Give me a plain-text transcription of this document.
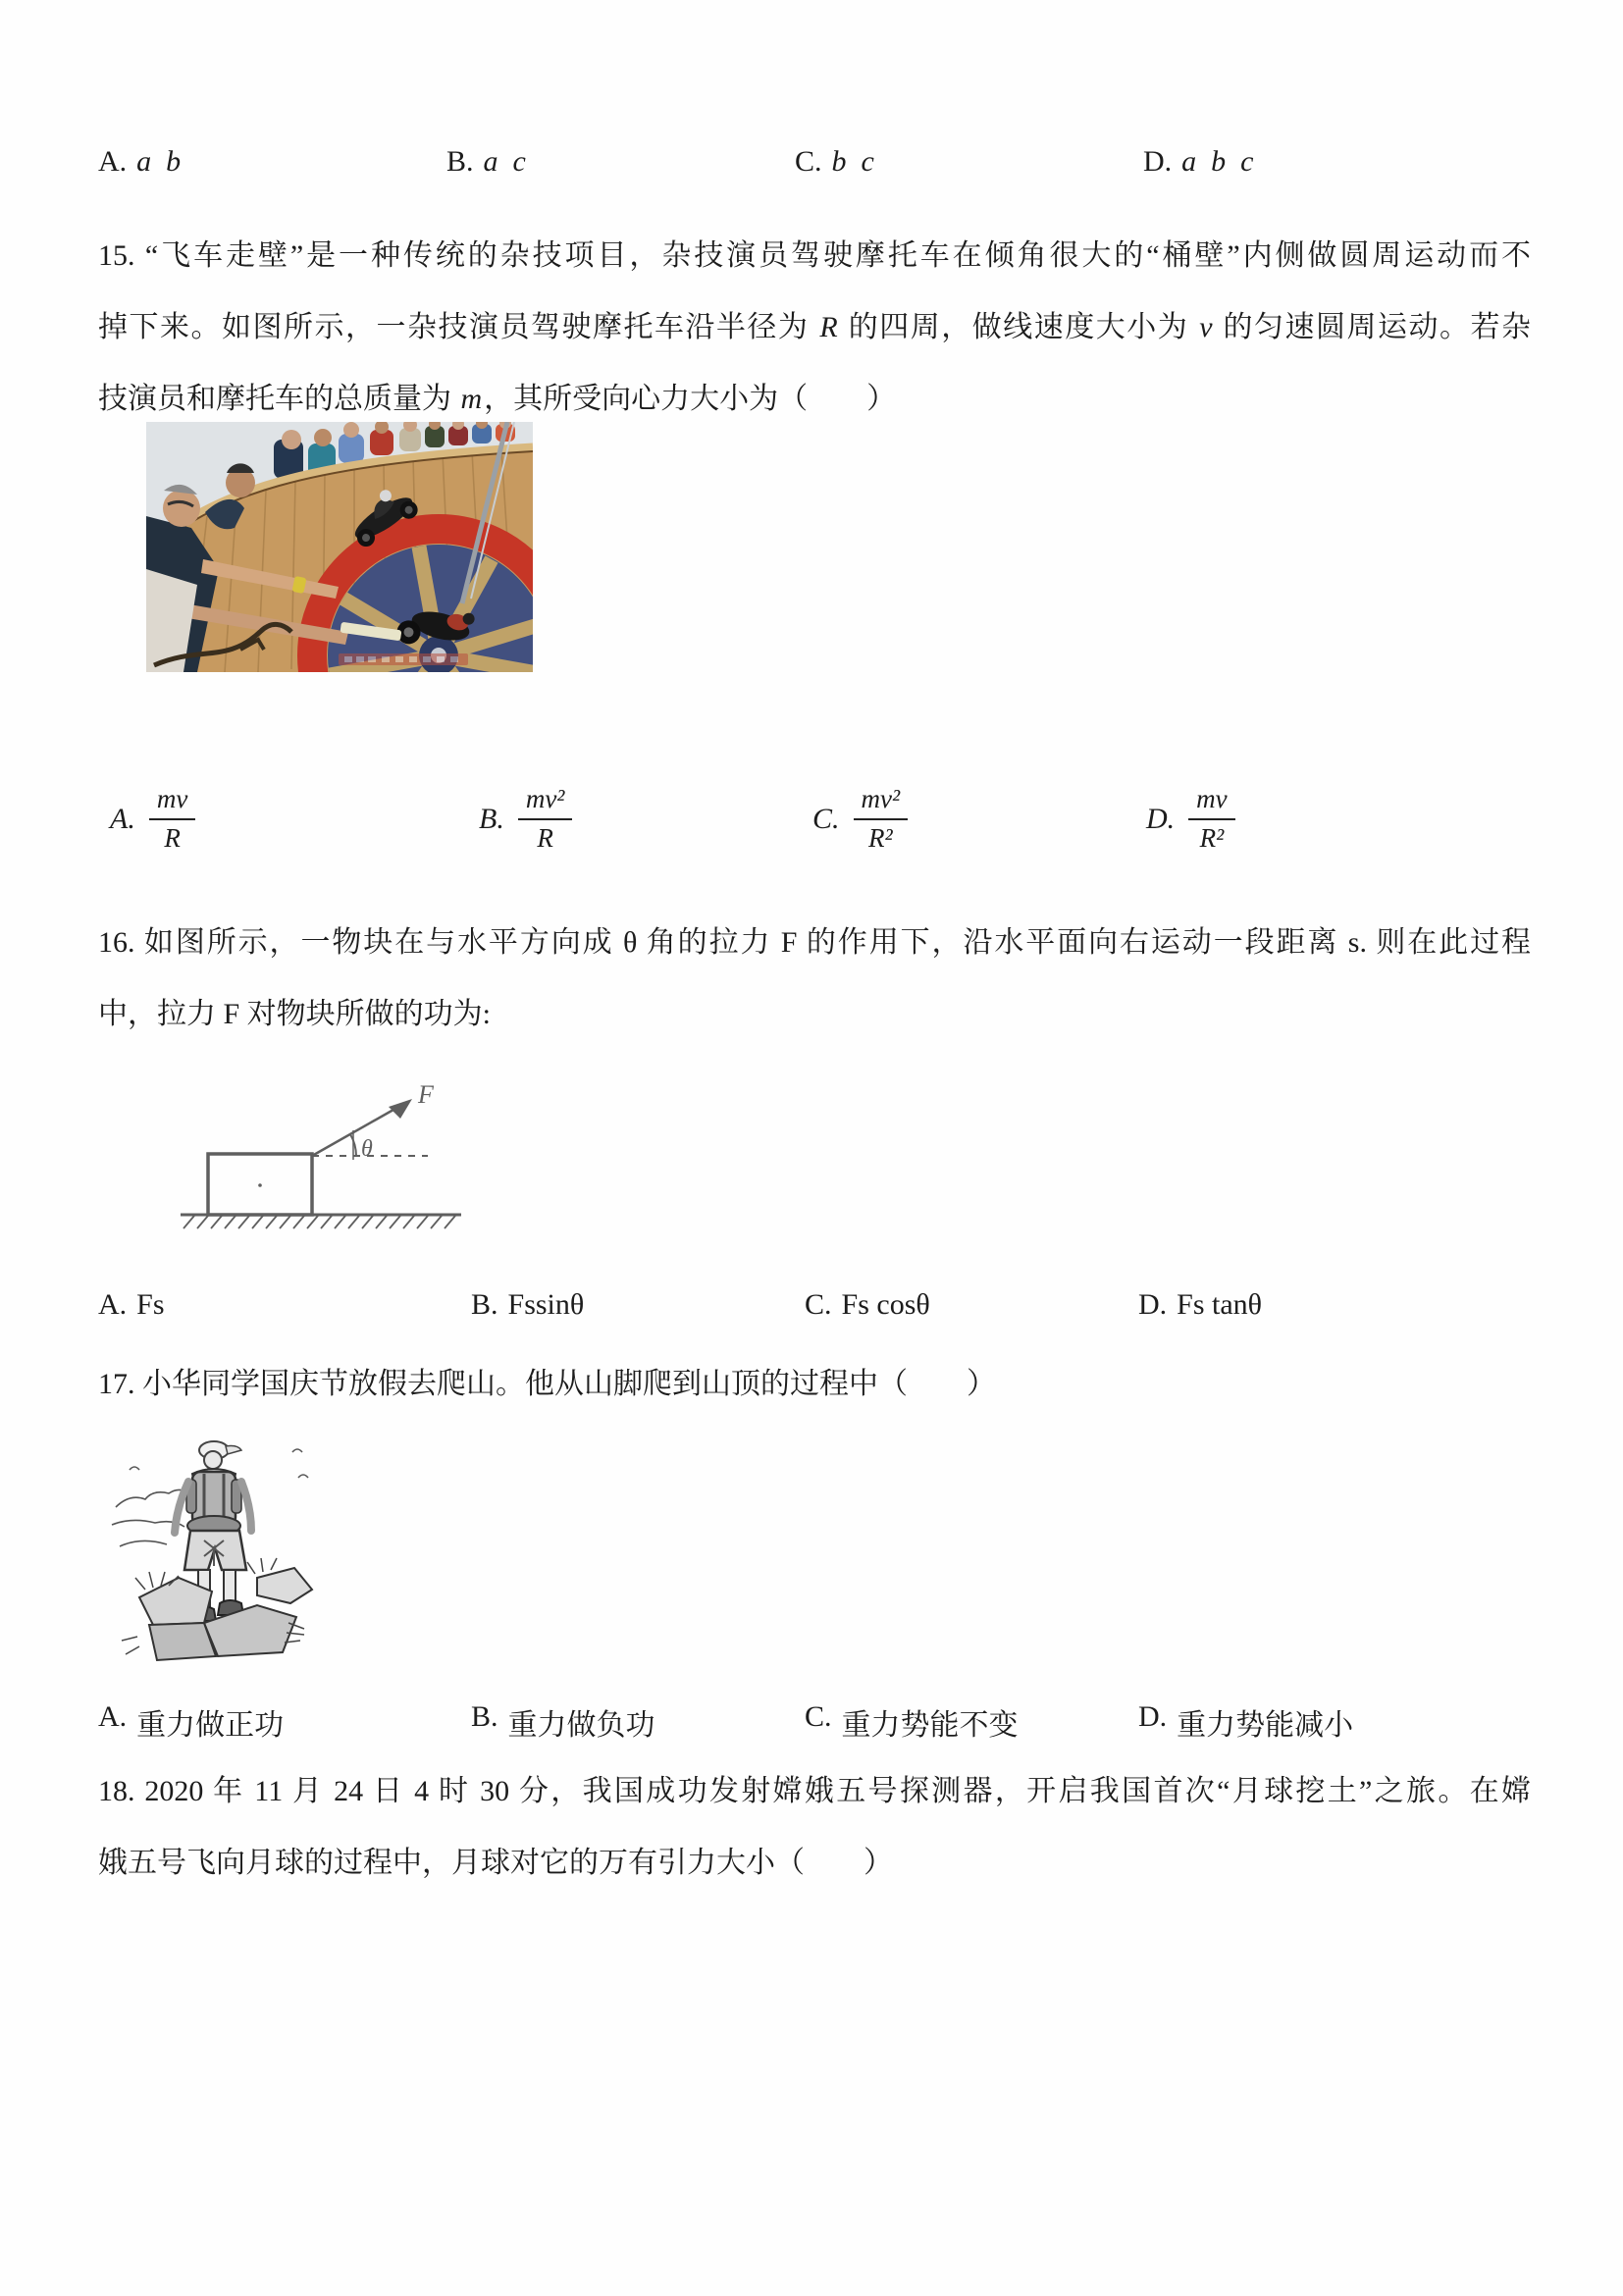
A. a  b	B. a  c	C. b  c	D. a  b  c
15. “飞车走壁”是一种传统的杂技项目，杂技演员驾驶摩托车在倾角很大的“桶壁”内侧做圆周运动而不
掉下来。如图所示，一杂技演员驾驶摩托车沿半径为 R 的四周，做线速度大小为 v 的匀速圆周运动。若杂
技演员和摩托车的总质量为 m，其所受向心力大小为（　　）
A. $\frac{mv}{R}$	B. $\frac{\text{mv²}}{R}$	C. $\frac{\text{mv²}}{\text{R²}}$	D. $\frac{mv}{\text{R²}}$
16. 如图所示，一物块在与水平方向成 θ 角的拉力 F 的作用下，沿水平面向右运动一段距离 s. 则在此过程
中，拉力 F 对物块所做的功为:
θ
F
A. Fs	B. Fssinθ	C. Fs cosθ	D. Fs tanθ
17. 小华同学国庆节放假去爬山。他从山脚爬到山顶的过程中（　　）
A. 重力做正功	B. 重力做负功	C. 重力势能不变	D. 重力势能减小
18. 2020 年 11 月 24 日 4 时 30 分，我国成功发射嫦娥五号探测器，开启我国首次“月球挖土”之旅。在嫦
娥五号飞向月球的过程中，月球对它的万有引力大小（　　）
